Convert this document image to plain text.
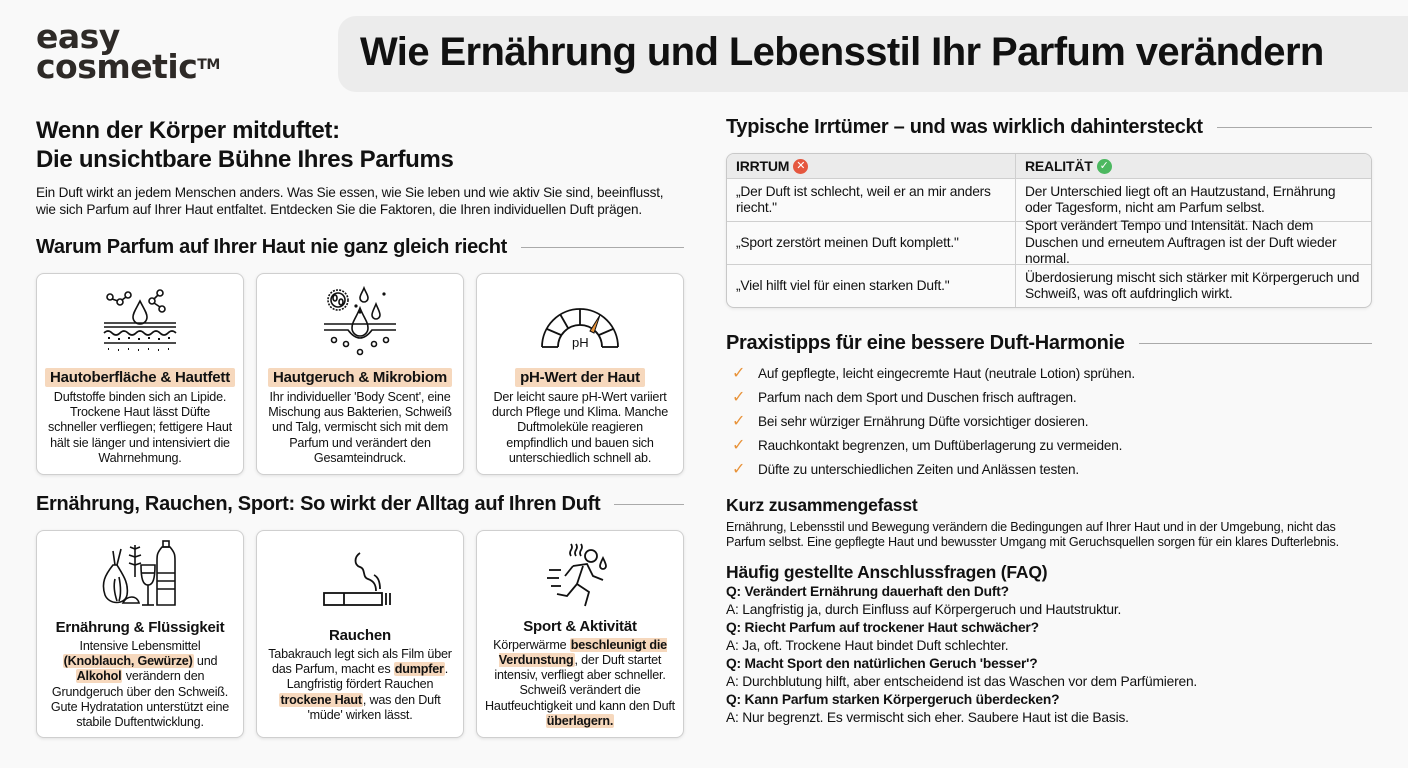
easy
cosmetic™	Wie Ernährung und Lebensstil Ihr Parfum verändern
Wenn der Körper mitduftet:
Die unsichtbare Bühne Ihres Parfums

Ein Duft wirkt an jedem Menschen anders. Was Sie essen, wie Sie leben und wie aktiv Sie sind, beeinflusst, wie sich Parfum auf Ihrer Haut entfaltet. Entdecken Sie die Faktoren, die Ihren individuellen Duft prägen.

Warum Parfum auf Ihrer Haut nie ganz gleich riecht
Hautoberfläche & Hautfett
Duftstoffe binden sich an Lipide. Trockene Haut lässt Düfte schneller verfliegen; fettigere Haut hält sie länger und intensiviert die Wahrnehmung.
Hautgeruch & Mikrobiom
Ihr individueller 'Body Scent', eine Mischung aus Bakterien, Schweiß und Talg, vermischt sich mit dem Parfum und verändert den Gesamteindruck.
pH
pH-Wert der Haut
Der leicht saure pH-Wert variiert durch Pflege und Klima. Manche Duftmoleküle reagieren empfindlich und bauen sich unterschiedlich schnell ab.
Ernährung, Rauchen, Sport: So wirkt der Alltag auf Ihren Duft
Ernährung & Flüssigkeit
Intensive Lebensmittel (Knoblauch, Gewürze) und Alkohol verändern den Grundgeruch über den Schweiß. Gute Hydratation unterstützt eine stabile Duftentwicklung.
Rauchen
Tabakrauch legt sich als Film über das Parfum, macht es dumpfer. Langfristig fördert Rauchen trockene Haut, was den Duft 'müde' wirken lässt.
Sport & Aktivität
Körperwärme beschleunigt die Verdunstung, der Duft startet intensiv, verfliegt aber schneller. Schweiß verändert die Hautfeuchtigkeit und kann den Duft überlagern.
Typische Irrtümer – und was wirklich dahintersteckt
IRRTUM ✕	REALITÄT ✓
„Der Duft ist schlecht, weil er an mir anders riecht."
Der Unterschied liegt oft an Hautzustand, Ernährung oder Tagesform, nicht am Parfum selbst.
„Sport zerstört meinen Duft komplett."
Sport verändert Tempo und Intensität. Nach dem Duschen und erneutem Auftragen ist der Duft wieder normal.
„Viel hilft viel für einen starken Duft."
Überdosierung mischt sich stärker mit Körpergeruch und Schweiß, was oft aufdringlich wirkt.
Praxistipps für eine bessere Duft-Harmonie
✓ Auf gepflegte, leicht eingecremte Haut (neutrale Lotion) sprühen.
✓ Parfum nach dem Sport und Duschen frisch auftragen.
✓ Bei sehr würziger Ernährung Düfte vorsichtiger dosieren.
✓ Rauchkontakt begrenzen, um Duftüberlagerung zu vermeiden.
✓ Düfte zu unterschiedlichen Zeiten und Anlässen testen.
Kurz zusammengefasst

Ernährung, Lebensstil und Bewegung verändern die Bedingungen auf Ihrer Haut und in der Umgebung, nicht das Parfum selbst. Eine gepflegte Haut und bewusster Umgang mit Geruchsquellen sorgen für ein klares Dufterlebnis.

Häufig gestellte Anschlussfragen (FAQ)
Q: Verändert Ernährung dauerhaft den Duft?
A: Langfristig ja, durch Einfluss auf Körpergeruch und Hautstruktur.
Q: Riecht Parfum auf trockener Haut schwächer?
A: Ja, oft. Trockene Haut bindet Duft schlechter.
Q: Macht Sport den natürlichen Geruch 'besser'?
A: Durchblutung hilft, aber entscheidend ist das Waschen vor dem Parfümieren.
Q: Kann Parfum starken Körpergeruch überdecken?
A: Nur begrenzt. Es vermischt sich eher. Saubere Haut ist die Basis.
